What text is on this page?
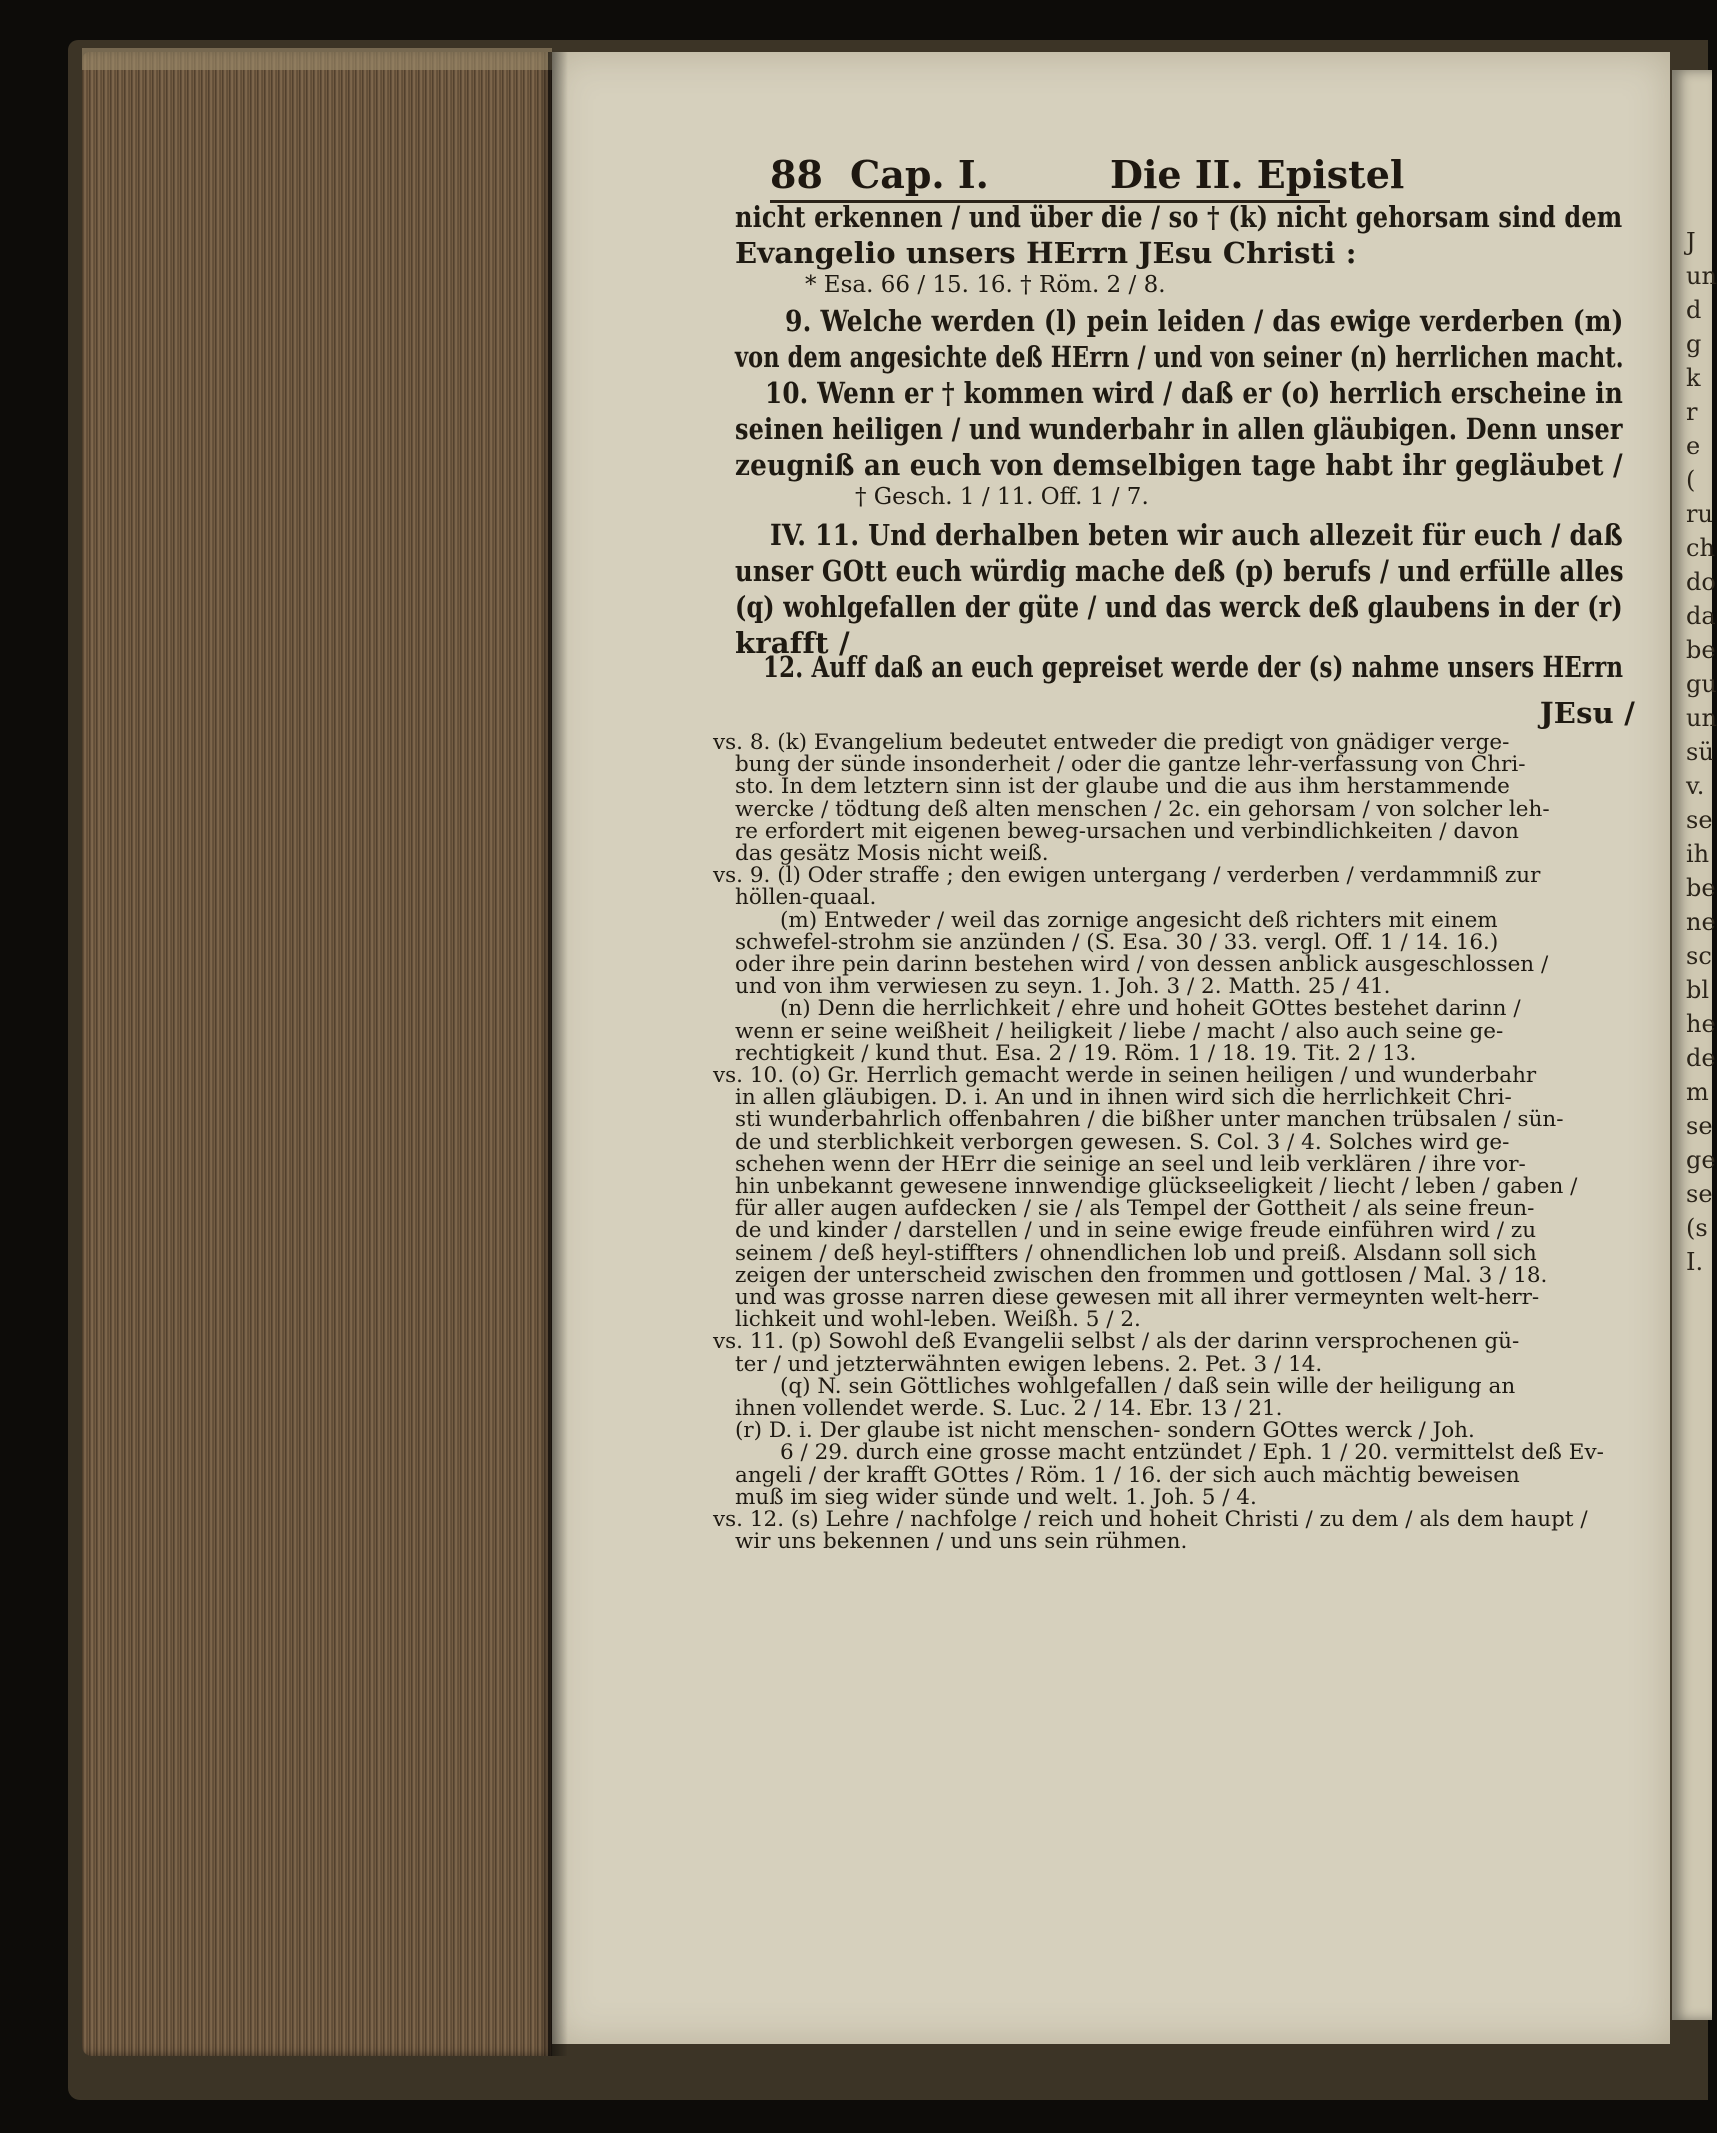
J
un
d
g
k
r
e
(
ru
ch
do
da
be
gu
un
sü
v.
se
ih
be
ne
sc
bl
he
de
m
se
ge
se
(s
I.
88 Cap. I.	Die II. Epistel
nicht erkennen / und über die / so † (k) nicht gehorsam sind dem
Evangelio unsers HErrn JEsu Christi :
* Esa. 66 / 15. 16. † Röm. 2 / 8.
9. Welche werden (l) pein leiden / das ewige verderben (m)
von dem angesichte deß HErrn / und von seiner (n) herrlichen macht.
10. Wenn er † kommen wird / daß er (o) herrlich erscheine in
seinen heiligen / und wunderbahr in allen gläubigen. Denn unser
zeugniß an euch von demselbigen tage habt ihr gegläubet /
† Gesch. 1 / 11. Off. 1 / 7.
IV. 11. Und derhalben beten wir auch allezeit für euch / daß
unser GOtt euch würdig mache deß (p) berufs / und erfülle alles
(q) wohlgefallen der güte / und das werck deß glaubens in der (r)
krafft /
12. Auff daß an euch gepreiset werde der (s) nahme unsers HErrn
JEsu /
vs. 8. (k) Evangelium bedeutet entweder die predigt von gnädiger verge-
bung der sünde insonderheit / oder die gantze lehr-verfassung von Chri-
sto. In dem letztern sinn ist der glaube und die aus ihm herstammende
wercke / tödtung deß alten menschen / 2c. ein gehorsam / von solcher leh-
re erfordert mit eigenen beweg-ursachen und verbindlichkeiten / davon
das gesätz Mosis nicht weiß.
vs. 9. (l) Oder straffe ; den ewigen untergang / verderben / verdammniß zur
höllen-quaal.
(m) Entweder / weil das zornige angesicht deß richters mit einem
schwefel-strohm sie anzünden / (S. Esa. 30 / 33. vergl. Off. 1 / 14. 16.)
oder ihre pein darinn bestehen wird / von dessen anblick ausgeschlossen /
und von ihm verwiesen zu seyn. 1. Joh. 3 / 2. Matth. 25 / 41.
(n) Denn die herrlichkeit / ehre und hoheit GOttes bestehet darinn /
wenn er seine weißheit / heiligkeit / liebe / macht / also auch seine ge-
rechtigkeit / kund thut. Esa. 2 / 19. Röm. 1 / 18. 19. Tit. 2 / 13.
vs. 10. (o) Gr. Herrlich gemacht werde in seinen heiligen / und wunderbahr
in allen gläubigen. D. i. An und in ihnen wird sich die herrlichkeit Chri-
sti wunderbahrlich offenbahren / die bißher unter manchen trübsalen / sün-
de und sterblichkeit verborgen gewesen. S. Col. 3 / 4. Solches wird ge-
schehen wenn der HErr die seinige an seel und leib verklären / ihre vor-
hin unbekannt gewesene innwendige glückseeligkeit / liecht / leben / gaben /
für aller augen aufdecken / sie / als Tempel der Gottheit / als seine freun-
de und kinder / darstellen / und in seine ewige freude einführen wird / zu
seinem / deß heyl-stiffters / ohnendlichen lob und preiß. Alsdann soll sich
zeigen der unterscheid zwischen den frommen und gottlosen / Mal. 3 / 18.
und was grosse narren diese gewesen mit all ihrer vermeynten welt-herr-
lichkeit und wohl-leben. Weißh. 5 / 2.
vs. 11. (p) Sowohl deß Evangelii selbst / als der darinn versprochenen gü-
ter / und jetzterwähnten ewigen lebens. 2. Pet. 3 / 14.
(q) N. sein Göttliches wohlgefallen / daß sein wille der heiligung an
ihnen vollendet werde. S. Luc. 2 / 14. Ebr. 13 / 21.
(r) D. i. Der glaube ist nicht menschen- sondern GOttes werck / Joh.
6 / 29. durch eine grosse macht entzündet / Eph. 1 / 20. vermittelst deß Ev-
angeli / der krafft GOttes / Röm. 1 / 16. der sich auch mächtig beweisen
muß im sieg wider sünde und welt. 1. Joh. 5 / 4.
vs. 12. (s) Lehre / nachfolge / reich und hoheit Christi / zu dem / als dem haupt /
wir uns bekennen / und uns sein rühmen.
